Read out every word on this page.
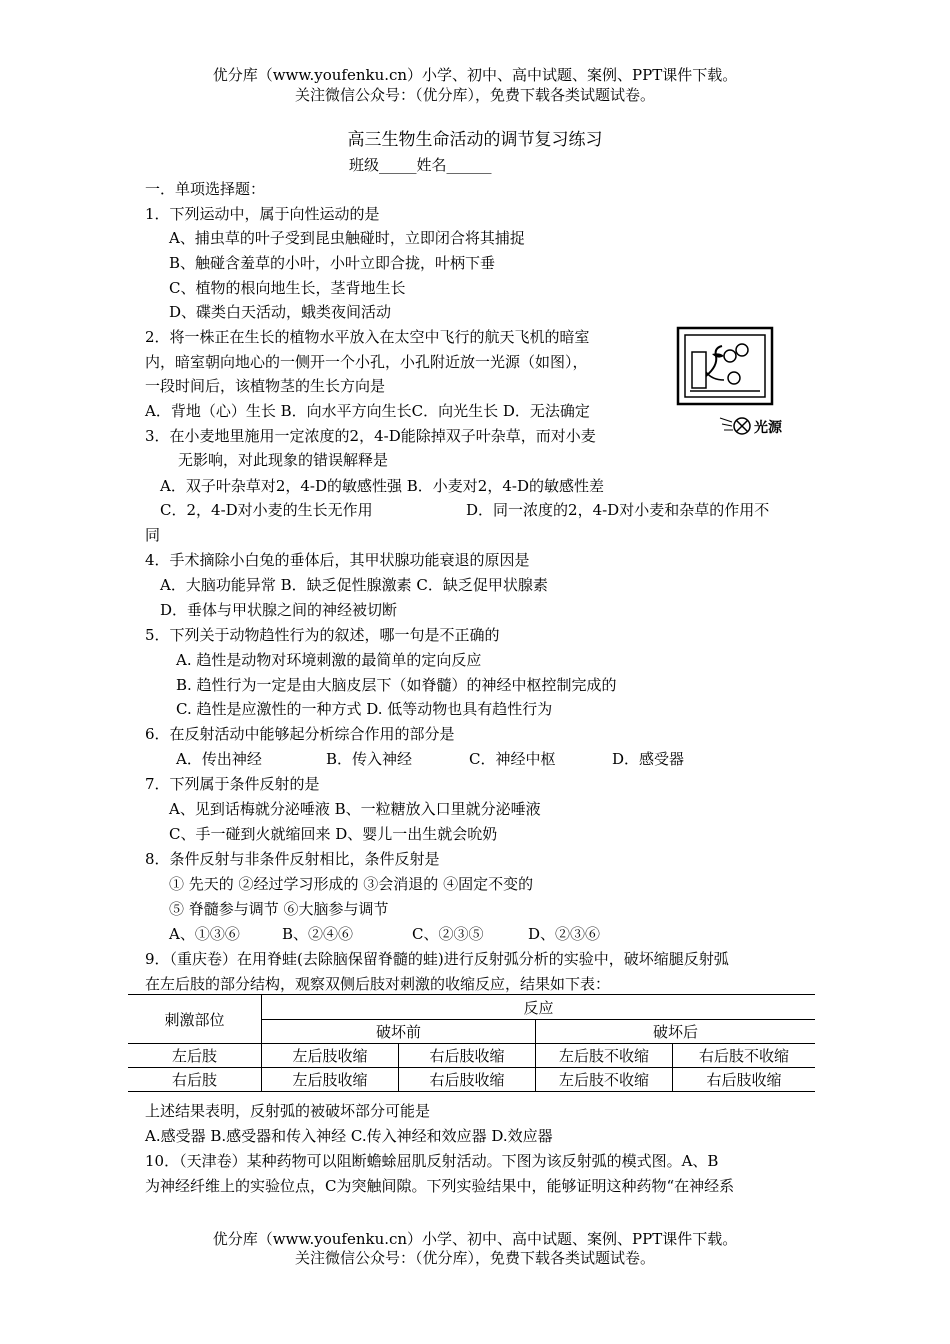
优分库（www.youfenku.cn）小学、初中、高中试题、案例、PPT课件下载。
关注微信公众号：（优分库），免费下载各类试题试卷。
高三生物生命活动的调节复习练习
班级_____姓名______
一．单项选择题：
1．下列运动中，属于向性运动的是
A、捕虫草的叶子受到昆虫触碰时，立即闭合将其捕捉
B、触碰含羞草的小叶，小叶立即合拢，叶柄下垂
C、植物的根向地生长，茎背地生长
D、碟类白天活动，蛾类夜间活动
2．将一株正在生长的植物水平放入在太空中飞行的航天飞机的暗室
内，暗室朝向地心的一侧开一个小孔，小孔附近放一光源（如图），
一段时间后，该植物茎的生长方向是
A．背地（心）生长 B．向水平方向生长C．向光生长 D．无法确定
光源
3．在小麦地里施用一定浓度的2，4-D能除掉双子叶杂草，而对小麦
无影响，对此现象的错误解释是
A．双子叶杂草对2，4-D的敏感性强 B．小麦对2，4-D的敏感性差
C．2，4-D对小麦的生长无作用	D．同一浓度的2，4-D对小麦和杂草的作用不
同
4．手术摘除小白兔的垂体后，其甲状腺功能衰退的原因是
A．大脑功能异常 B．缺乏促性腺激素 C．缺乏促甲状腺素
D．垂体与甲状腺之间的神经被切断
5．下列关于动物趋性行为的叙述，哪一句是不正确的
A. 趋性是动物对环境刺激的最简单的定向反应
B. 趋性行为一定是由大脑皮层下（如脊髓）的神经中枢控制完成的
C. 趋性是应激性的一种方式 D. 低等动物也具有趋性行为
6．在反射活动中能够起分析综合作用的部分是
A．传出神经	B．传入神经	C．神经中枢	D．感受器
7．下列属于条件反射的是
A、见到话梅就分泌唾液 B、一粒糖放入口里就分泌唾液
C、手一碰到火就缩回来 D、婴儿一出生就会吮奶
8．条件反射与非条件反射相比，条件反射是
① 先天的 ②经过学习形成的 ③会消退的 ④固定不变的
⑤ 脊髓参与调节 ⑥大脑参与调节
A、①③⑥	B、②④⑥	C、②③⑤	D、②③⑥
9．（重庆卷）在用脊蛙(去除脑保留脊髓的蛙)进行反射弧分析的实验中，破坏缩腿反射弧
在左后肢的部分结构，观察双侧后肢对刺激的收缩反应，结果如下表：
刺激部位	反应			
	破坏前		破坏后	
左后肢	左后肢收缩	右后肢收缩	左后肢不收缩	右后肢不收缩
右后肢	左后肢收缩	右后肢收缩	左后肢不收缩	右后肢收缩
上述结果表明，反射弧的被破坏部分可能是
A.感受器 B.感受器和传入神经 C.传入神经和效应器 D.效应器
10．（天津卷）某种药物可以阻断蟾蜍屈肌反射活动。下图为该反射弧的模式图。A、B
为神经纤维上的实验位点，C为突触间隙。下列实验结果中，能够证明这种药物“在神经系
优分库（www.youfenku.cn）小学、初中、高中试题、案例、PPT课件下载。
关注微信公众号：（优分库），免费下载各类试题试卷。
